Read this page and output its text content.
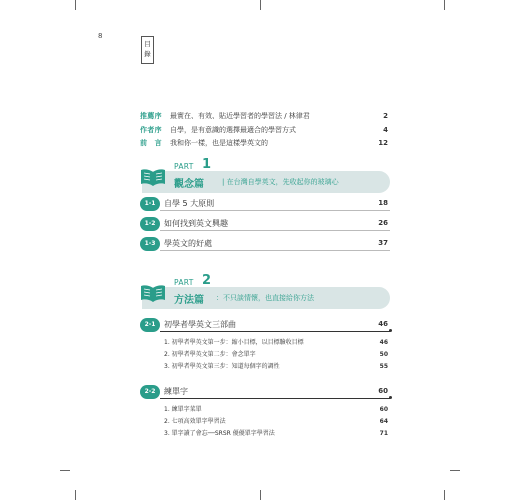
8
目錄
推薦序 最實在、有效、貼近學習者的學習法 / 林律君	2
作者序 自學，是有意識的選擇最適合的學習方式	4
前　言 我和你一樣，也是這樣學英文的	12
PART 1
觀念篇	| 在台灣自學英文，先收起你的玻璃心
1-1	自學 5 大原則	18
1-2	如何找到英文興趣	26
1-3	學英文的好處	37
PART 2
方法篇 ：不只談情懷，也直接給你方法
2-1	初學者學英文三部曲	46
1. 初學者學英文第一步：縮小目標，以目標驗收目標	46
2. 初學者學英文第二步：會念單字	50
3. 初學者學英文第三步：知道每個字的調性	55
2-2	練單字	60
1. 練單字菜單	60
2. 七項高效單字學習法	64
3. 單字讀了會忘──SRSR 優優單字學習法	71
